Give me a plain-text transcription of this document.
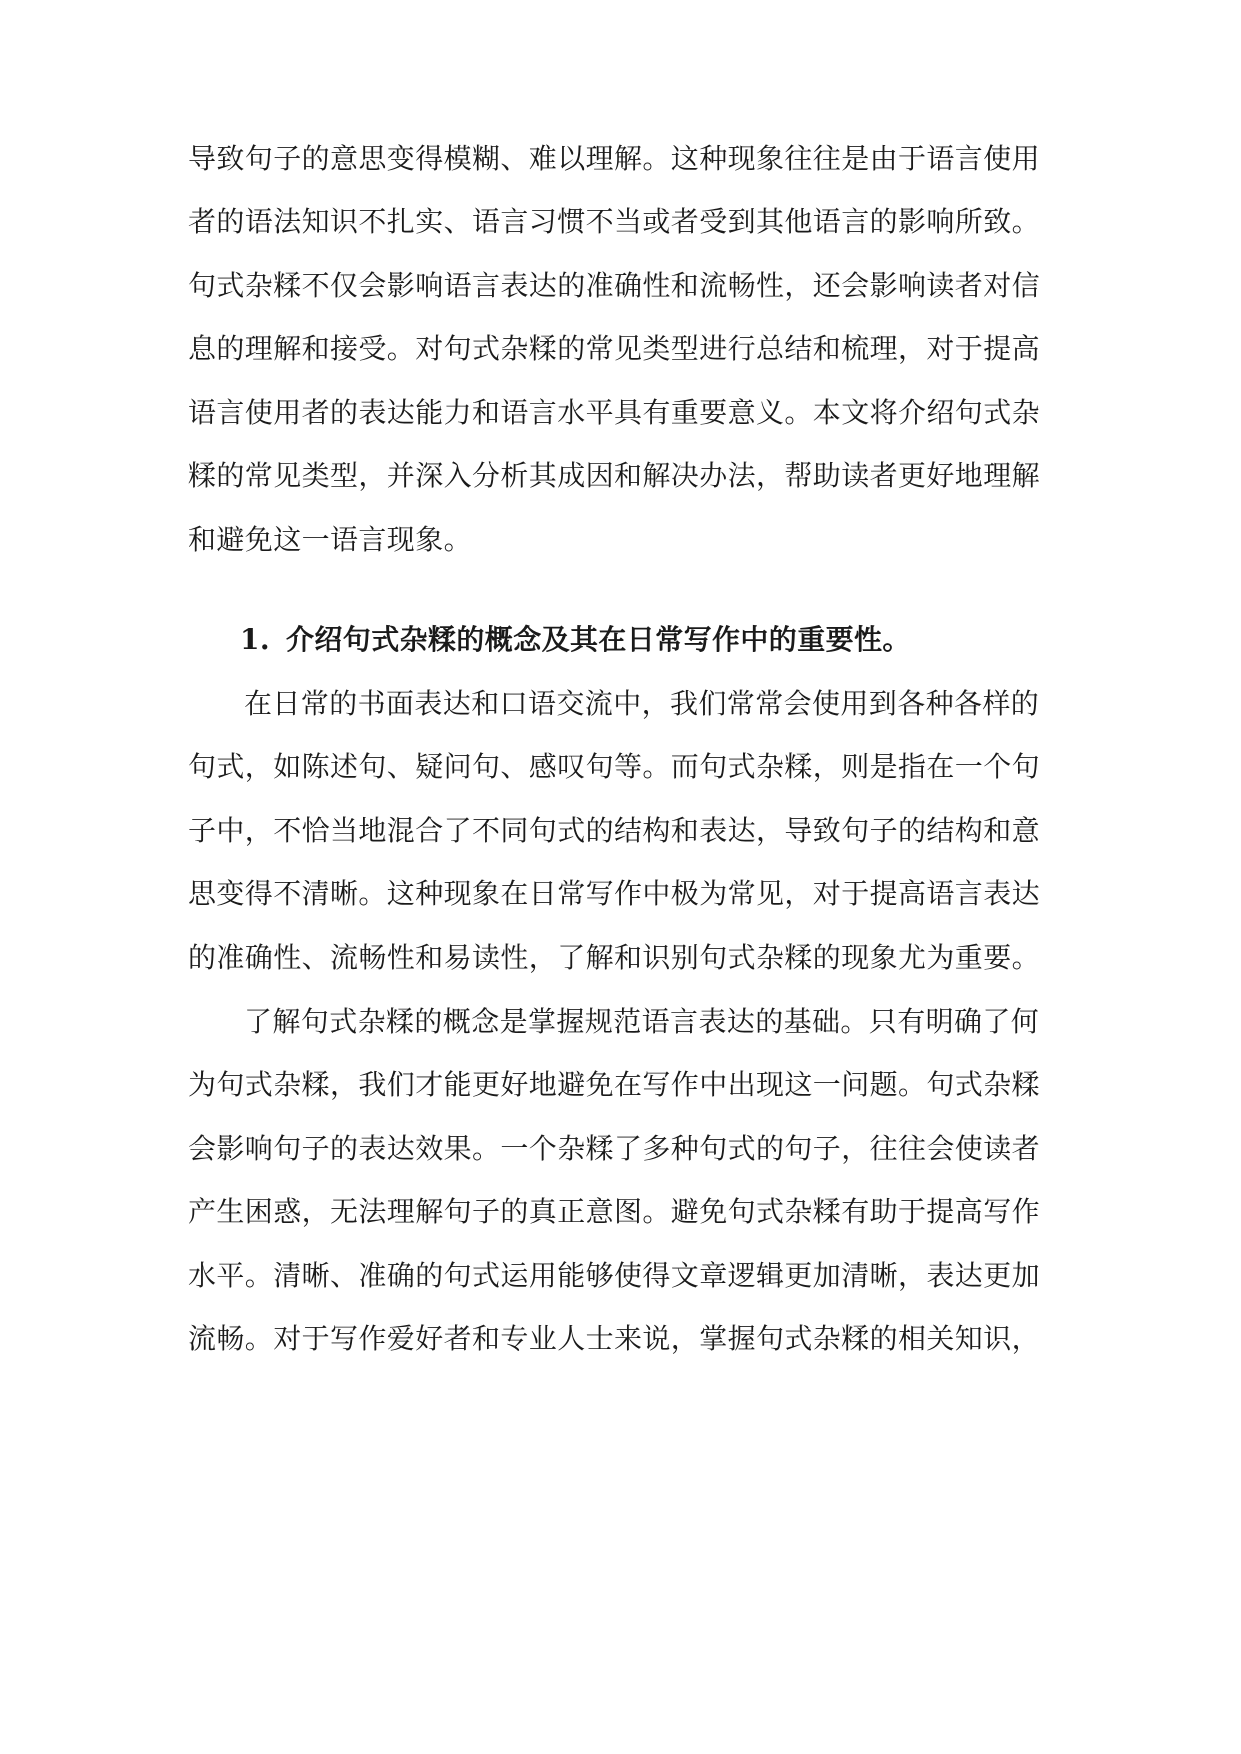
导致句子的意思变得模糊、难以理解。这种现象往往是由于语言使用
者的语法知识不扎实、语言习惯不当或者受到其他语言的影响所致。
句式杂糅不仅会影响语言表达的准确性和流畅性，还会影响读者对信
息的理解和接受。对句式杂糅的常见类型进行总结和梳理，对于提高
语言使用者的表达能力和语言水平具有重要意义。本文将介绍句式杂
糅的常见类型，并深入分析其成因和解决办法，帮助读者更好地理解
和避免这一语言现象。
1. 介绍句式杂糅的概念及其在日常写作中的重要性。
在日常的书面表达和口语交流中，我们常常会使用到各种各样的
句式，如陈述句、疑问句、感叹句等。而句式杂糅，则是指在一个句
子中，不恰当地混合了不同句式的结构和表达，导致句子的结构和意
思变得不清晰。这种现象在日常写作中极为常见，对于提高语言表达
的准确性、流畅性和易读性，了解和识别句式杂糅的现象尤为重要。
了解句式杂糅的概念是掌握规范语言表达的基础。只有明确了何
为句式杂糅，我们才能更好地避免在写作中出现这一问题。句式杂糅
会影响句子的表达效果。一个杂糅了多种句式的句子，往往会使读者
产生困惑，无法理解句子的真正意图。避免句式杂糅有助于提高写作
水平。清晰、准确的句式运用能够使得文章逻辑更加清晰，表达更加
流畅。对于写作爱好者和专业人士来说，掌握句式杂糅的相关知识，
